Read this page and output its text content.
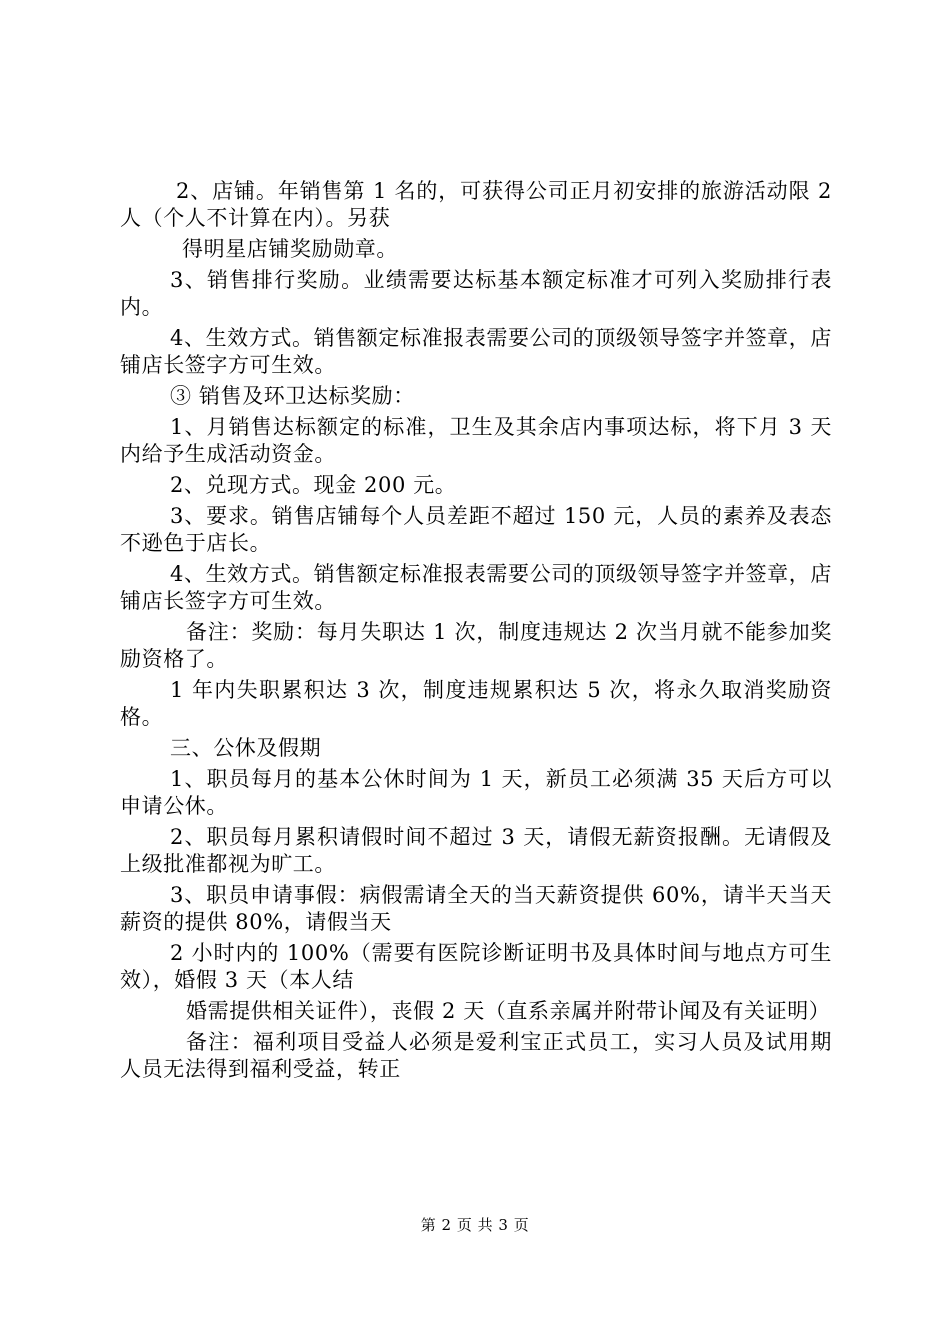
2、店铺。年销售第 1 名的，可获得公司正月初安排的旅游活动限 2 人（个人不计算在内）。另获

得明星店铺奖励勋章。

3、销售排行奖励。业绩需要达标基本额定标准才可列入奖励排行表内。

4、生效方式。销售额定标准报表需要公司的顶级领导签字并签章，店铺店长签字方可生效。

③ 销售及环卫达标奖励：

1、月销售达标额定的标准，卫生及其余店内事项达标，将下月 3 天内给予生成活动资金。

2、兑现方式。现金 200 元。

3、要求。销售店铺每个人员差距不超过 150 元，人员的素养及表态不逊色于店长。

4、生效方式。销售额定标准报表需要公司的顶级领导签字并签章，店铺店长签字方可生效。

备注：奖励：每月失职达 1 次，制度违规达 2 次当月就不能参加奖励资格了。

1 年内失职累积达 3 次，制度违规累积达 5 次，将永久取消奖励资格。

三、公休及假期

1、职员每月的基本公休时间为 1 天，新员工必须满 35 天后方可以申请公休。

2、职员每月累积请假时间不超过 3 天，请假无薪资报酬。无请假及上级批准都视为旷工。

3、职员申请事假：病假需请全天的当天薪资提供 60%，请半天当天薪资的提供 80%，请假当天

2 小时内的 100%（需要有医院诊断证明书及具体时间与地点方可生效），婚假 3 天（本人结

婚需提供相关证件），丧假 2 天（直系亲属并附带讣闻及有关证明）

备注：福利项目受益人必须是爱利宝正式员工，实习人员及试用期人员无法得到福利受益，转正

第 2 页 共 3 页
